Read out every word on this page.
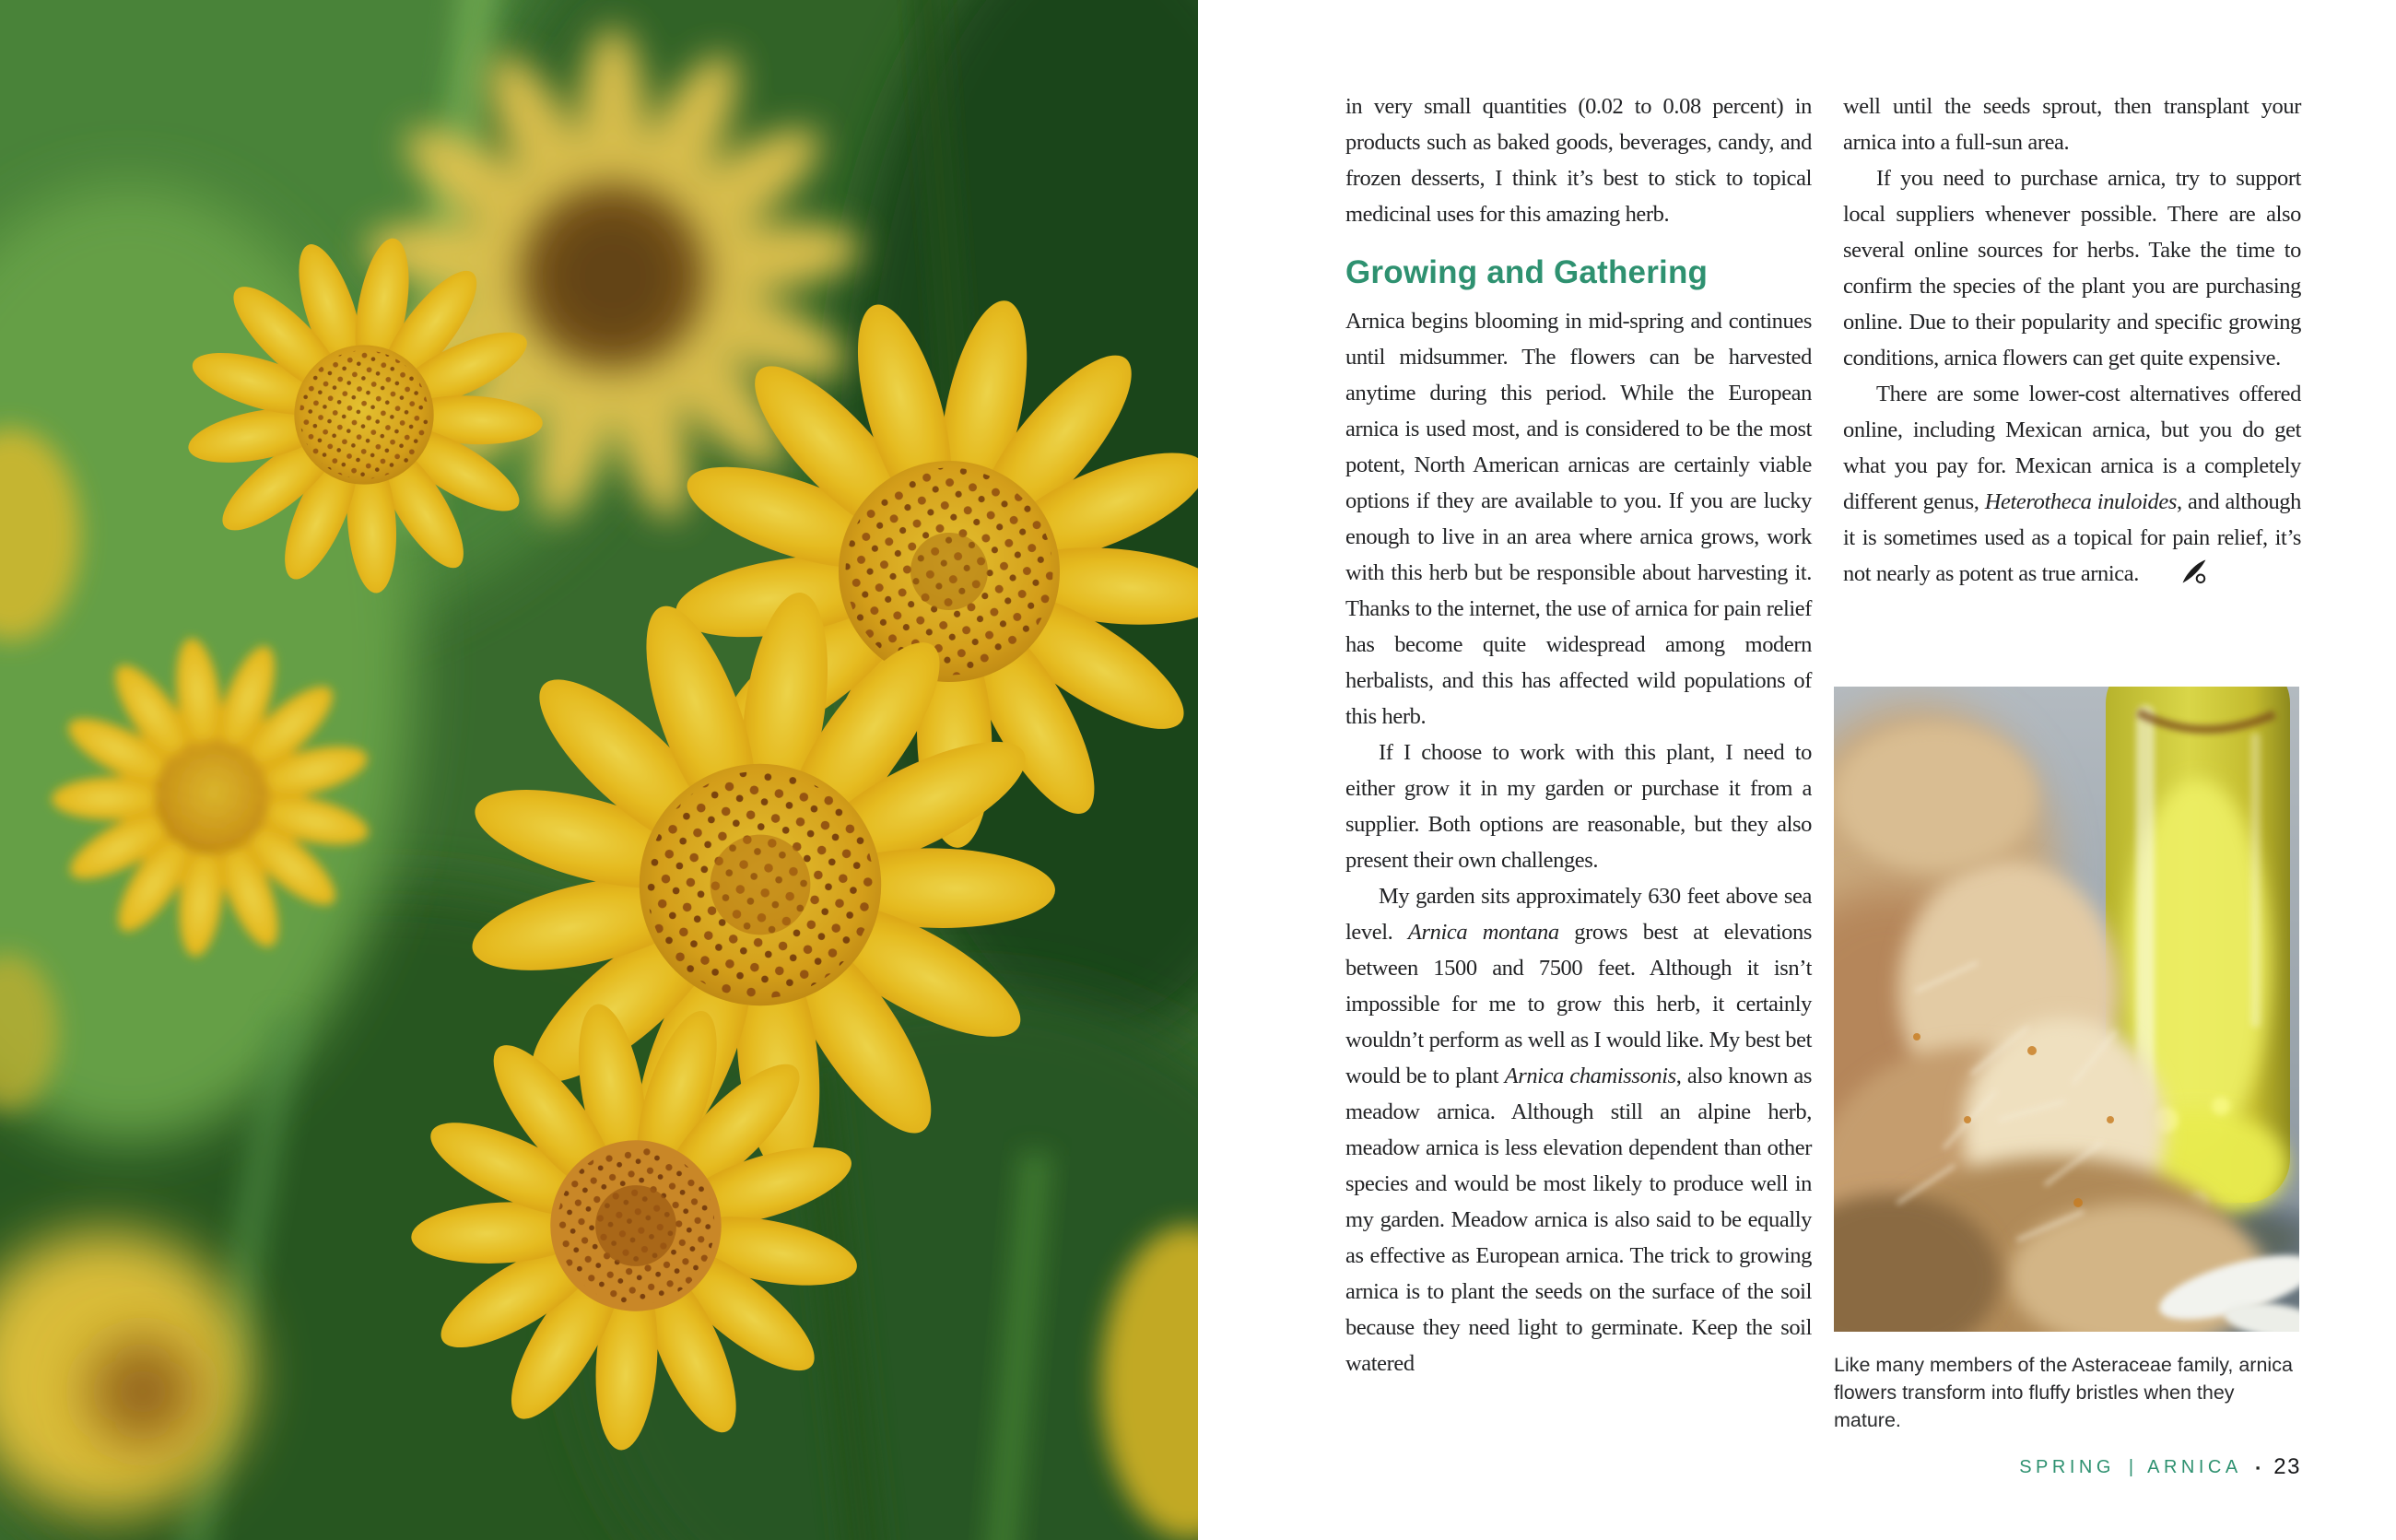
in very small quantities (0.02 to 0.08 percent) in products such as baked goods, beverages, candy, and frozen desserts, I think it’s best to stick to topical medicinal uses for this amazing herb.

Growing and Gathering

Arnica begins blooming in mid-spring and continues until midsummer. The flowers can be harvested anytime during this period. While the European arnica is used most, and is considered to be the most potent, North American arnicas are certainly viable options if they are available to you. If you are lucky enough to live in an area where arnica grows, work with this herb but be responsible about harvesting it. Thanks to the internet, the use of arnica for pain relief has become quite widespread among modern herbalists, and this has affected wild populations of this herb.

If I choose to work with this plant, I need to either grow it in my garden or purchase it from a supplier. Both options are reasonable, but they also present their own challenges.

My garden sits approximately 630 feet above sea level. Arnica montana grows best at elevations between 1500 and 7500 feet. Although it isn’t impossible for me to grow this herb, it certainly wouldn’t perform as well as I would like. My best bet would be to plant Arnica chamissonis, also known as meadow arnica. Although still an alpine herb, meadow arnica is less elevation dependent than other species and would be most likely to produce well in my garden. Meadow arnica is also said to be equally as effective as European arnica. The trick to growing arnica is to plant the seeds on the surface of the soil because they need light to germinate. Keep the soil watered

well until the seeds sprout, then transplant your arnica into a full-sun area.

If you need to purchase arnica, try to support local suppliers whenever possible. There are also several online sources for herbs. Take the time to confirm the species of the plant you are purchasing online. Due to their popularity and specific growing conditions, arnica flowers can get quite expensive.

There are some lower-cost alternatives offered online, including Mexican arnica, but you do get what you pay for. Mexican arnica is a completely different genus, Heterotheca inuloides, and although it is sometimes used as a topical for pain relief, it’s not nearly as potent as true arnica.

Like many members of the Asteraceae family, arnica flowers transform into fluffy bristles when they mature.
SPRING | ARNICA ▪ 23
